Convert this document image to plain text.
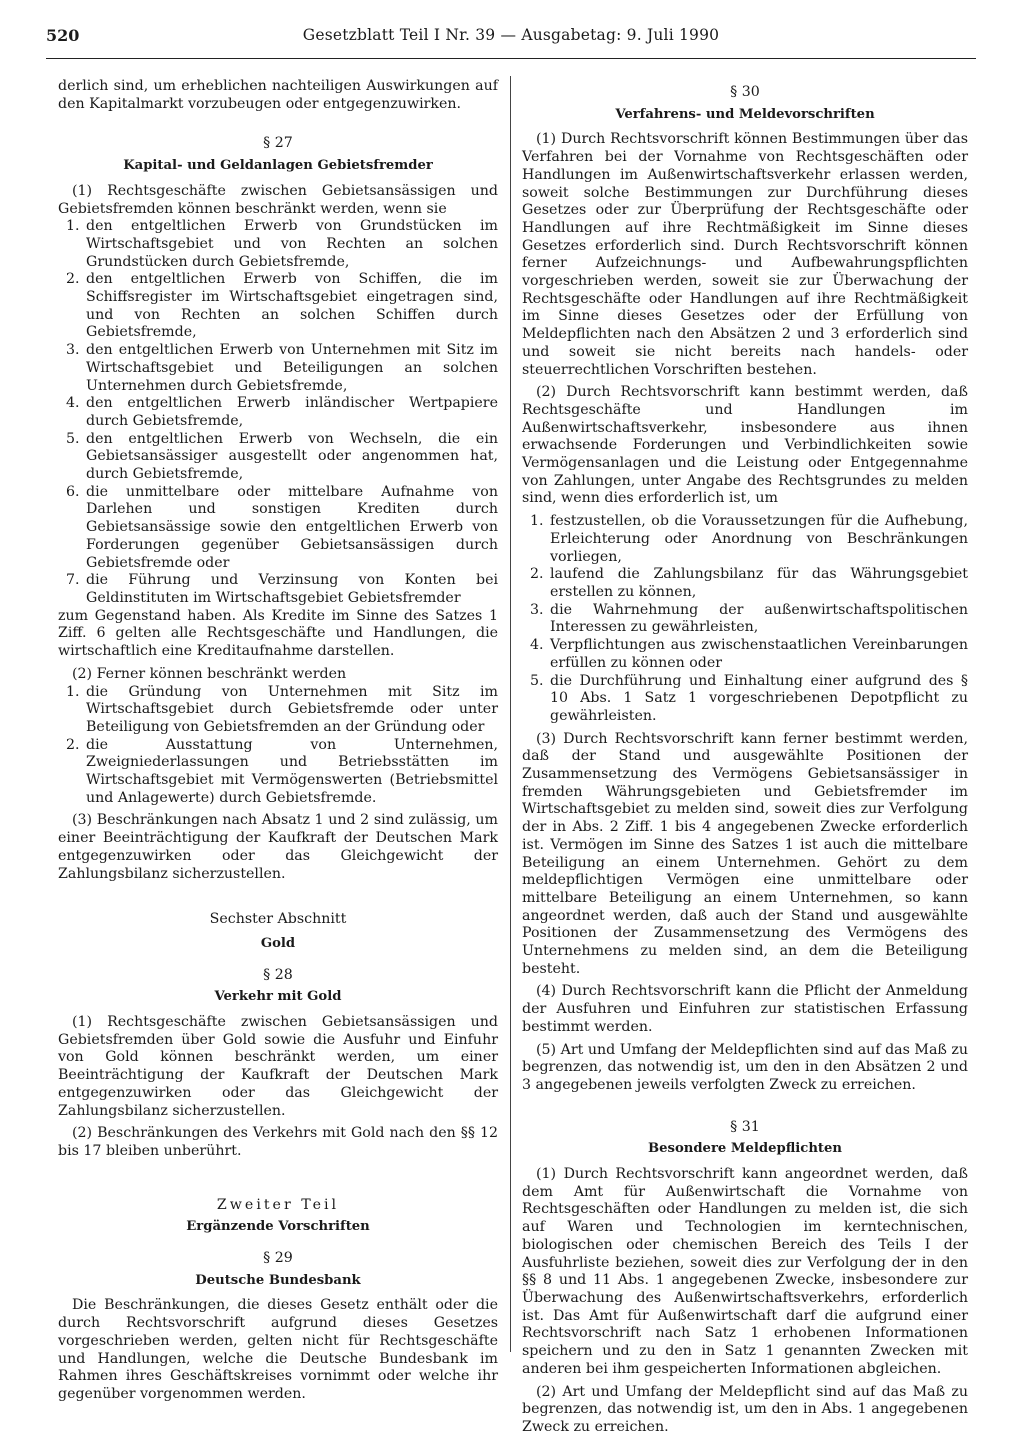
520	Gesetzblatt Teil I Nr. 39 — Ausgabetag: 9. Juli 1990

derlich sind, um erheblichen nachteiligen Auswirkungen auf den Kapitalmarkt vorzubeugen oder entgegenzuwirken.

§ 27
Kapital- und Geldanlagen Gebietsfremder

(1) Rechtsgeschäfte zwischen Gebietsansässigen und Gebietsfremden können beschränkt werden, wenn sie

1. den entgeltlichen Erwerb von Grundstücken im Wirtschaftsgebiet und von Rechten an solchen Grundstücken durch Gebietsfremde,
2. den entgeltlichen Erwerb von Schiffen, die im Schiffsregister im Wirtschaftsgebiet eingetragen sind, und von Rechten an solchen Schiffen durch Gebietsfremde,
3. den entgeltlichen Erwerb von Unternehmen mit Sitz im Wirtschaftsgebiet und Beteiligungen an solchen Unternehmen durch Gebietsfremde,
4. den entgeltlichen Erwerb inländischer Wertpapiere durch Gebietsfremde,
5. den entgeltlichen Erwerb von Wechseln, die ein Gebietsansässiger ausgestellt oder angenommen hat, durch Gebietsfremde,
6. die unmittelbare oder mittelbare Aufnahme von Darlehen und sonstigen Krediten durch Gebietsansässige sowie den entgeltlichen Erwerb von Forderungen gegenüber Gebietsansässigen durch Gebietsfremde oder
7. die Führung und Verzinsung von Konten bei Geldinstituten im Wirtschaftsgebiet Gebietsfremder

zum Gegenstand haben. Als Kredite im Sinne des Satzes 1 Ziff. 6 gelten alle Rechtsgeschäfte und Handlungen, die wirtschaftlich eine Kreditaufnahme darstellen.

(2) Ferner können beschränkt werden

1. die Gründung von Unternehmen mit Sitz im Wirtschaftsgebiet durch Gebietsfremde oder unter Beteiligung von Gebietsfremden an der Gründung oder
2. die Ausstattung von Unternehmen, Zweigniederlassungen und Betriebsstätten im Wirtschaftsgebiet mit Vermögenswerten (Betriebsmittel und Anlagewerte) durch Gebietsfremde.

(3) Beschränkungen nach Absatz 1 und 2 sind zulässig, um einer Beeinträchtigung der Kaufkraft der Deutschen Mark entgegenzuwirken oder das Gleichgewicht der Zahlungsbilanz sicherzustellen.

Sechster Abschnitt
Gold
§ 28
Verkehr mit Gold

(1) Rechtsgeschäfte zwischen Gebietsansässigen und Gebietsfremden über Gold sowie die Ausfuhr und Einfuhr von Gold können beschränkt werden, um einer Beeinträchtigung der Kaufkraft der Deutschen Mark entgegenzuwirken oder das Gleichgewicht der Zahlungsbilanz sicherzustellen.

(2) Beschränkungen des Verkehrs mit Gold nach den §§ 12 bis 17 bleiben unberührt.

Zweiter Teil
Ergänzende Vorschriften
§ 29
Deutsche Bundesbank

Die Beschränkungen, die dieses Gesetz enthält oder die durch Rechtsvorschrift aufgrund dieses Gesetzes vorgeschrieben werden, gelten nicht für Rechtsgeschäfte und Handlungen, welche die Deutsche Bundesbank im Rahmen ihres Geschäftskreises vornimmt oder welche ihr gegenüber vorgenommen werden.

§ 30
Verfahrens- und Meldevorschriften

(1) Durch Rechtsvorschrift können Bestimmungen über das Verfahren bei der Vornahme von Rechtsgeschäften oder Handlungen im Außenwirtschaftsverkehr erlassen werden, soweit solche Bestimmungen zur Durchführung dieses Gesetzes oder zur Überprüfung der Rechtsgeschäfte oder Handlungen auf ihre Rechtmäßigkeit im Sinne dieses Gesetzes erforderlich sind. Durch Rechtsvorschrift können ferner Aufzeichnungs- und Aufbewahrungspflichten vorgeschrieben werden, soweit sie zur Überwachung der Rechtsgeschäfte oder Handlungen auf ihre Rechtmäßigkeit im Sinne dieses Gesetzes oder der Erfüllung von Meldepflichten nach den Absätzen 2 und 3 erforderlich sind und soweit sie nicht bereits nach handels- oder steuerrechtlichen Vorschriften bestehen.

(2) Durch Rechtsvorschrift kann bestimmt werden, daß Rechtsgeschäfte und Handlungen im Außenwirtschaftsverkehr, insbesondere aus ihnen erwachsende Forderungen und Verbindlichkeiten sowie Vermögensanlagen und die Leistung oder Entgegennahme von Zahlungen, unter Angabe des Rechtsgrundes zu melden sind, wenn dies erforderlich ist, um

1. festzustellen, ob die Voraussetzungen für die Aufhebung, Erleichterung oder Anordnung von Beschränkungen vorliegen,
2. laufend die Zahlungsbilanz für das Währungsgebiet erstellen zu können,
3. die Wahrnehmung der außenwirtschaftspolitischen Interessen zu gewährleisten,
4. Verpflichtungen aus zwischenstaatlichen Vereinbarungen erfüllen zu können oder
5. die Durchführung und Einhaltung einer aufgrund des § 10 Abs. 1 Satz 1 vorgeschriebenen Depotpflicht zu gewährleisten.

(3) Durch Rechtsvorschrift kann ferner bestimmt werden, daß der Stand und ausgewählte Positionen der Zusammensetzung des Vermögens Gebietsansässiger in fremden Währungsgebieten und Gebietsfremder im Wirtschaftsgebiet zu melden sind, soweit dies zur Verfolgung der in Abs. 2 Ziff. 1 bis 4 angegebenen Zwecke erforderlich ist. Vermögen im Sinne des Satzes 1 ist auch die mittelbare Beteiligung an einem Unternehmen. Gehört zu dem meldepflichtigen Vermögen eine unmittelbare oder mittelbare Beteiligung an einem Unternehmen, so kann angeordnet werden, daß auch der Stand und ausgewählte Positionen der Zusammensetzung des Vermögens des Unternehmens zu melden sind, an dem die Beteiligung besteht.

(4) Durch Rechtsvorschrift kann die Pflicht der Anmeldung der Ausfuhren und Einfuhren zur statistischen Erfassung bestimmt werden.

(5) Art und Umfang der Meldepflichten sind auf das Maß zu begrenzen, das notwendig ist, um den in den Absätzen 2 und 3 angegebenen jeweils verfolgten Zweck zu erreichen.

§ 31
Besondere Meldepflichten

(1) Durch Rechtsvorschrift kann angeordnet werden, daß dem Amt für Außenwirtschaft die Vornahme von Rechtsgeschäften oder Handlungen zu melden ist, die sich auf Waren und Technologien im kerntechnischen, biologischen oder chemischen Bereich des Teils I der Ausfuhrliste beziehen, soweit dies zur Verfolgung der in den §§ 8 und 11 Abs. 1 angegebenen Zwecke, insbesondere zur Überwachung des Außenwirtschaftsverkehrs, erforderlich ist. Das Amt für Außenwirtschaft darf die aufgrund einer Rechtsvorschrift nach Satz 1 erhobenen Informationen speichern und zu den in Satz 1 genannten Zwecken mit anderen bei ihm gespeicherten Informationen abgleichen.

(2) Art und Umfang der Meldepflicht sind auf das Maß zu begrenzen, das notwendig ist, um den in Abs. 1 angegebenen Zweck zu erreichen.
